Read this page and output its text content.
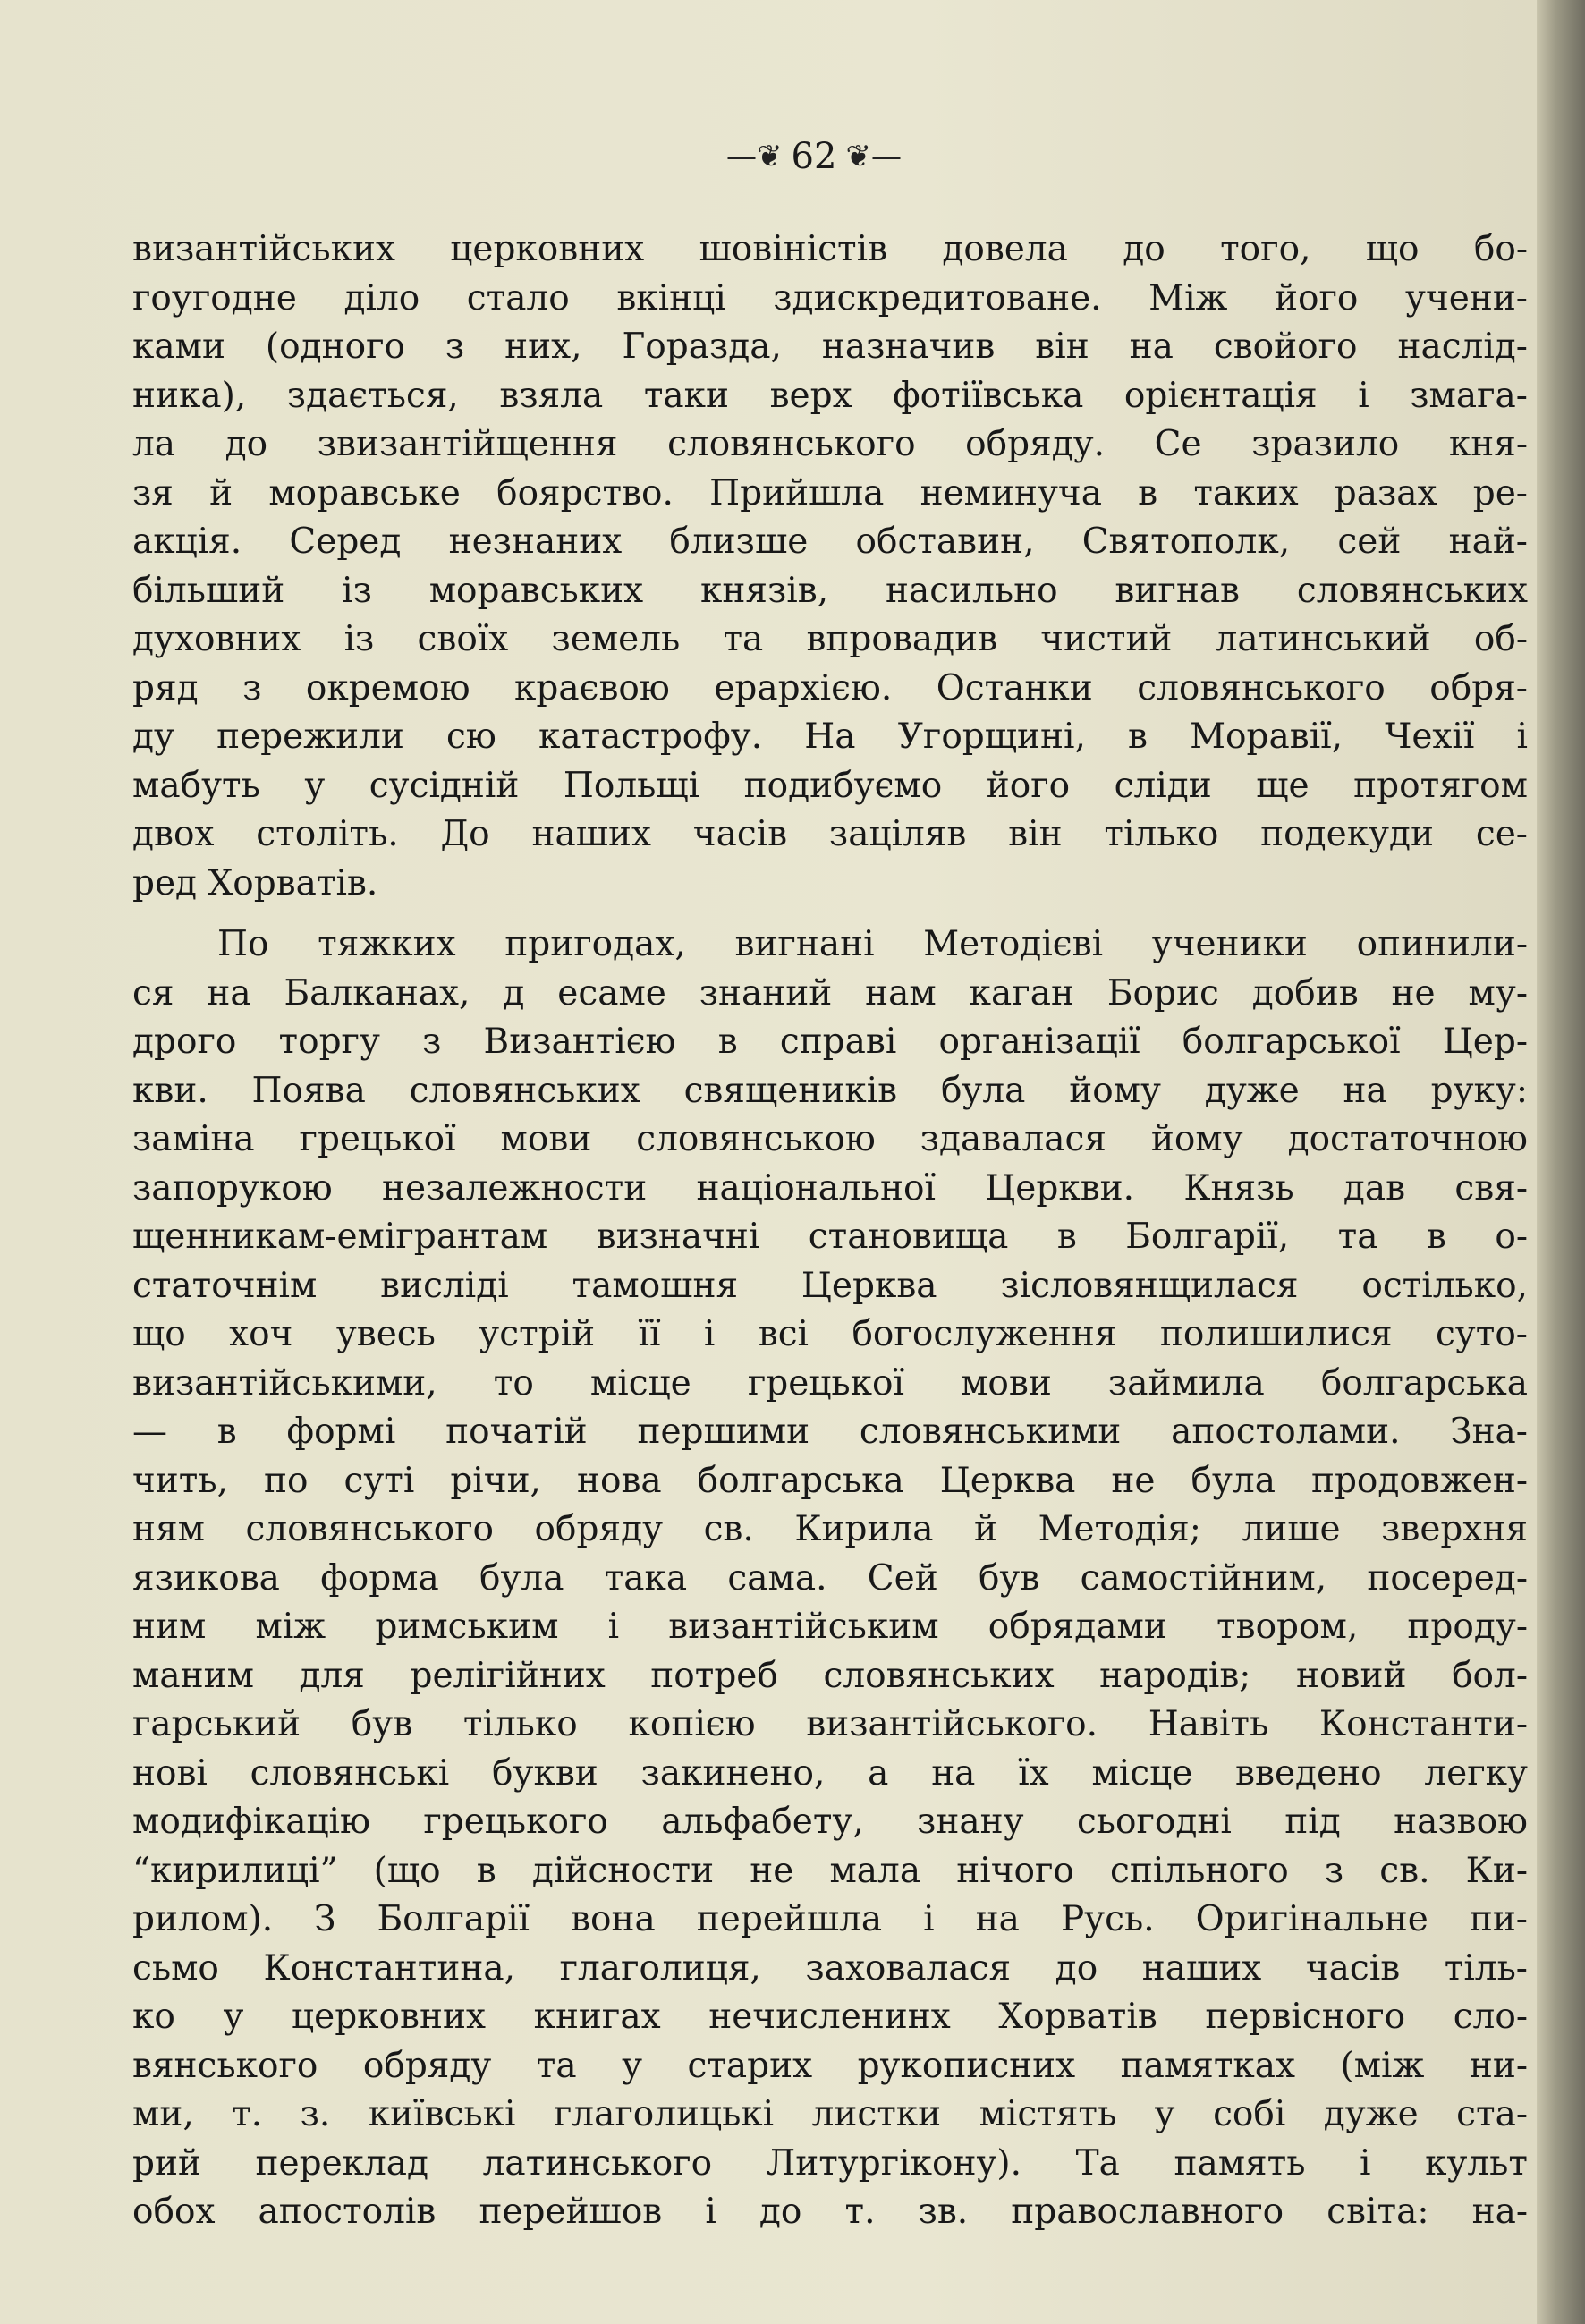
—❦ 62 ❦—
византійських церковних шовіністів довела до того, що бо-
гоугодне діло стало вкінці здискредитоване. Між його учени-
ками (одного з них, Горазда, назначив він на свойого наслід-
ника), здається, взяла таки верх фотіївська орієнтація і змага-
ла до звизантійщення словянського обряду. Се зразило кня-
зя й моравське боярство. Прийшла неминуча в таких разах ре-
акція. Серед незнаних близше обставин, Святополк, сей най-
більший із моравських князів, насильно вигнав словянських
духовних із своїх земель та впровадив чистий латинський об-
ряд з окремою краєвою ерархією. Останки словянського обря-
ду пережили сю катастрофу. На Угорщині, в Моравії, Чехії і
мабуть у сусідній Польщі подибуємо його сліди ще протягом
двох століть. До наших часів заціляв він тілько подекуди се-
ред Хорватів.
По тяжких пригодах, вигнані Методієві ученики опинили-
ся на Балканах, д есаме знаний нам каган Борис добив не му-
дрого торгу з Византією в справі організації болгарської Цер-
кви. Поява словянських священиків була йому дуже на руку:
заміна грецької мови словянською здавалася йому достаточною
запорукою незалежности національної Церкви. Князь дав свя-
щенникам-емігрантам визначні становища в Болгарії, та в о-
статочнім висліді тамошня Церква зісловянщилася остілько,
що хоч увесь устрій її і всі богослуження полишилися суто-
византійськими, то місце грецької мови займила болгарська
— в формі початій першими словянськими апостолами. Зна-
чить, по суті річи, нова болгарська Церква не була продовжен-
ням словянського обряду св. Кирила й Методія; лише зверхня
язикова форма була така сама. Сей був самостійним, посеред-
ним між римським і византійським обрядами твором, проду-
маним для релігійних потреб словянських народів; новий бол-
гарський був тілько копією византійського. Навіть Константи-
нові словянські букви закинено, а на їх місце введено легку
модифікацію грецького альфабету, знану сьогодні під назвою
“кирилиці” (що в дійсности не мала нічого спільного з св. Ки-
рилом). З Болгарії вона перейшла і на Русь. Оригінальне пи-
сьмо Константина, глаголиця, заховалася до наших часів тіль-
ко у церковних книгах нечисленинх Хорватів первісного сло-
вянського обряду та у старих рукописних памятках (між ни-
ми, т. з. київські глаголицькі листки містять у собі дуже ста-
рий переклад латинського Литургікону). Та память і культ
обох апостолів перейшов і до т. зв. православного світа: на-
